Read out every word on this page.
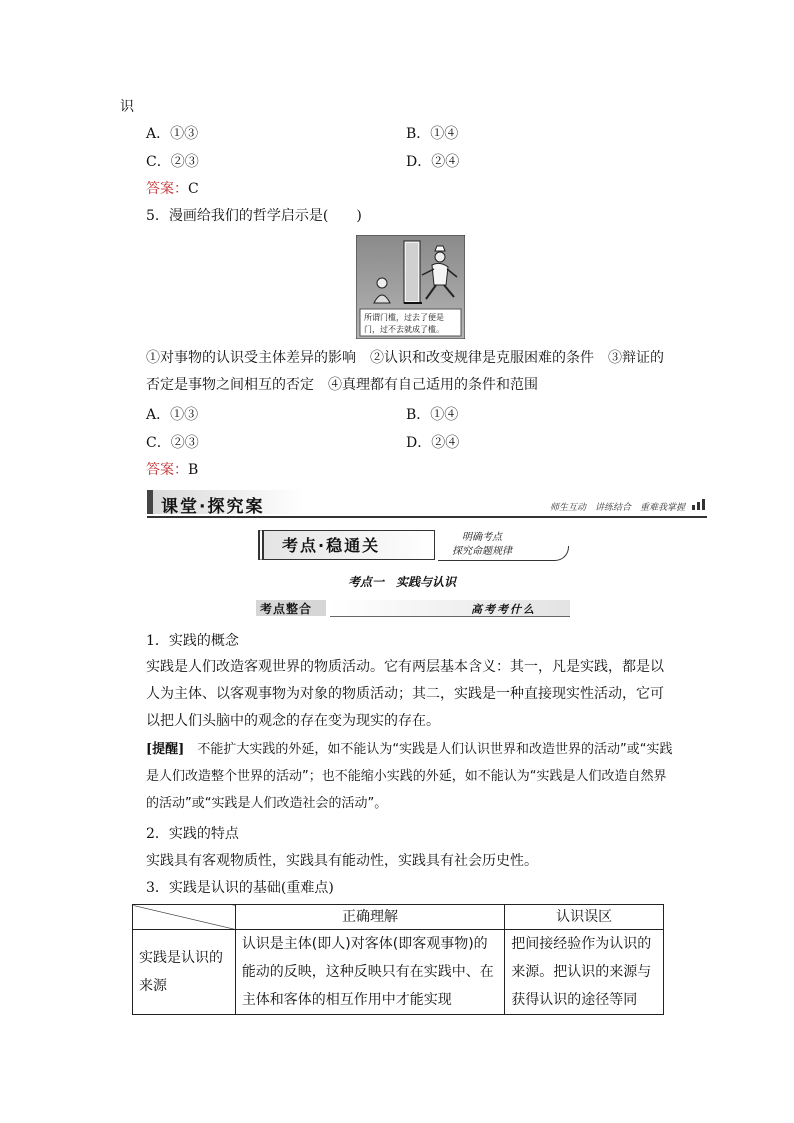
识
A．①③	B．①④
C．②③	D．②④
答案：C
5．漫画给我们的哲学启示是(　　)
所谓门槛，过去了便是
门，过不去就成了槛。
①对事物的认识受主体差异的影响　②认识和改变规律是克服困难的条件　③辩证的否定是事物之间相互的否定　④真理都有自己适用的条件和范围
A．①③	B．①④
C．②③	D．②④
答案：B
课堂·探究案	师生互动　讲练结合　重难我掌握
考点·稳通关	明确考点
探究命题规律
考点一　实践与认识
考点整合	高考考什么
1．实践的概念
实践是人们改造客观世界的物质活动。它有两层基本含义：其一，凡是实践，都是以人为主体、以客观事物为对象的物质活动；其二，实践是一种直接现实性活动，它可以把人们头脑中的观念的存在变为现实的存在。
[提醒]　不能扩大实践的外延，如不能认为“实践是人们认识世界和改造世界的活动”或“实践是人们改造整个世界的活动”；也不能缩小实践的外延，如不能认为“实践是人们改造自然界的活动”或“实践是人们改造社会的活动”。
2．实践的特点
实践具有客观物质性，实践具有能动性，实践具有社会历史性。
3．实践是认识的基础(重难点)
	正确理解	认识误区
实践是认识的来源	认识是主体(即人)对客体(即客观事物)的能动的反映，这种反映只有在实践中、在主体和客体的相互作用中才能实现	把间接经验作为认识的来源。把认识的来源与获得认识的途径等同
